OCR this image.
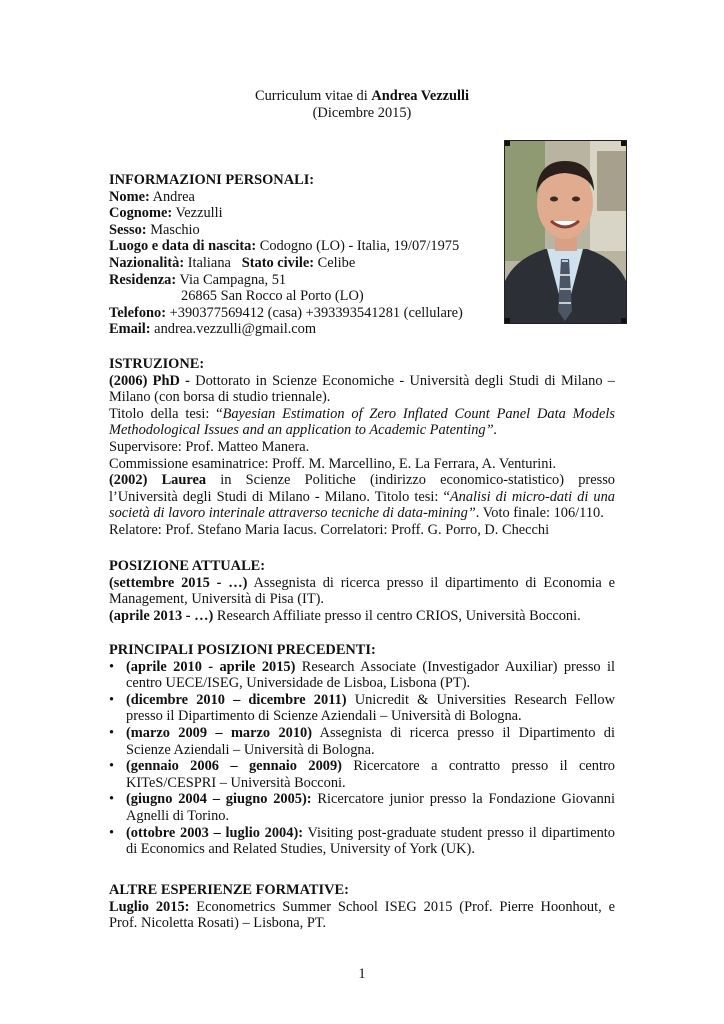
Curriculum vitae di Andrea Vezzulli
(Dicembre 2015)
INFORMAZIONI PERSONALI:
Nome: Andrea
Cognome: Vezzulli
Sesso: Maschio
Luogo e data di nascita: Codogno (LO) - Italia, 19/07/1975
Nazionalità: Italiana   Stato civile: Celibe
Residenza: Via Campagna, 51
26865 San Rocco al Porto (LO)
Telefono: +390377569412 (casa) +393393541281 (cellulare)
Email: andrea.vezzulli@gmail.com
ISTRUZIONE:
(2006) PhD - Dottorato in Scienze Economiche - Università degli Studi di Milano –
Milano (con borsa di studio triennale).
Titolo della tesi: “Bayesian Estimation of Zero Inflated Count Panel Data Models
Methodological Issues and an application to Academic Patenting”.
Supervisore: Prof. Matteo Manera.
Commissione esaminatrice: Proff. M. Marcellino, E. La Ferrara, A. Venturini.
(2002) Laurea in Scienze Politiche (indirizzo economico-statistico) presso
l’Università degli Studi di Milano - Milano. Titolo tesi: “Analisi di micro-dati di una
società di lavoro interinale attraverso tecniche di data-mining”. Voto finale: 106/110.
Relatore: Prof. Stefano Maria Iacus. Correlatori: Proff. G. Porro, D. Checchi
POSIZIONE ATTUALE:
(settembre 2015 - …) Assegnista di ricerca presso il dipartimento di Economia e
Management, Università di Pisa (IT).
(aprile 2013 - …) Research Affiliate presso il centro CRIOS, Università Bocconi.
PRINCIPALI POSIZIONI PRECEDENTI:
• (aprile 2010 - aprile 2015) Research Associate (Investigador Auxiliar) presso il
centro UECE/ISEG, Universidade de Lisboa, Lisbona (PT).
• (dicembre 2010 – dicembre 2011) Unicredit & Universities Research Fellow
presso il Dipartimento di Scienze Aziendali – Università di Bologna.
• (marzo 2009 – marzo 2010) Assegnista di ricerca presso il Dipartimento di
Scienze Aziendali – Università di Bologna.
• (gennaio 2006 – gennaio 2009) Ricercatore a contratto presso il centro
KITeS/CESPRI – Università Bocconi.
• (giugno 2004 – giugno 2005): Ricercatore junior presso la Fondazione Giovanni
Agnelli di Torino.
• (ottobre 2003 – luglio 2004): Visiting post-graduate student presso il dipartimento
di Economics and Related Studies, University of York (UK).
ALTRE ESPERIENZE FORMATIVE:
Luglio 2015: Econometrics Summer School ISEG 2015 (Prof. Pierre Hoonhout, e
Prof. Nicoletta Rosati) – Lisbona, PT.
1
